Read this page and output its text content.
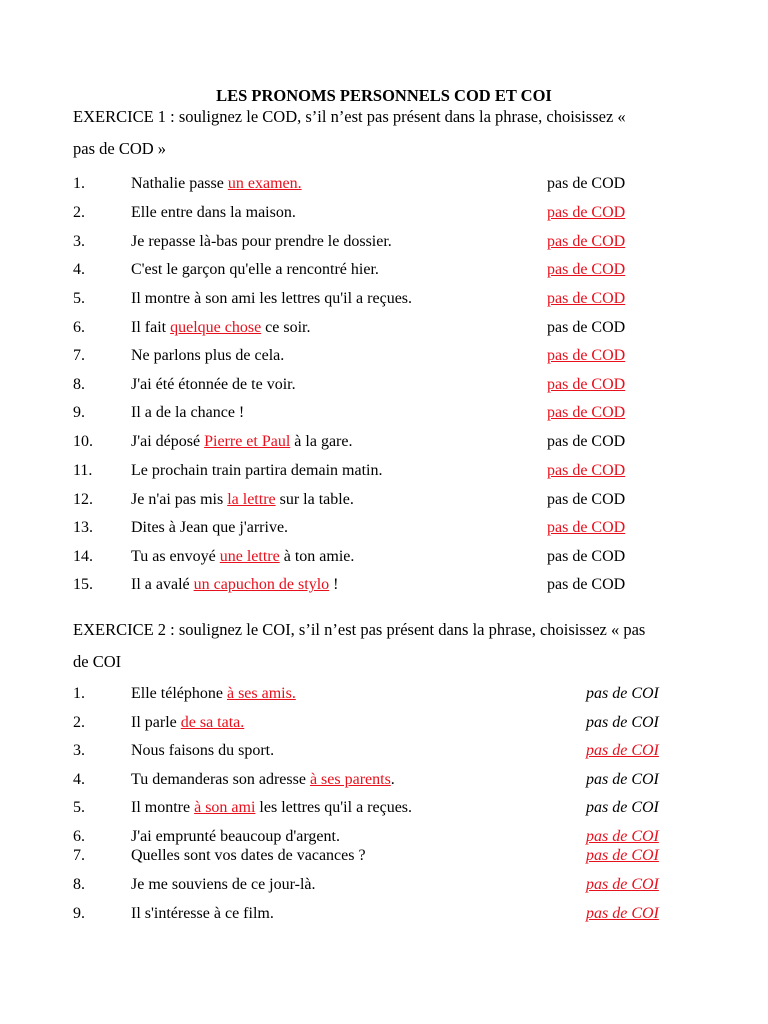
LES PRONOMS PERSONNELS COD ET COI
EXERCICE 1 : soulignez le COD, s’il n’est pas présent dans la phrase, choisissez «
pas de COD »
1.	Nathalie passe un examen.	pas de COD
2.	Elle entre dans la maison.	pas de COD
3.	Je repasse là-bas pour prendre le dossier.	pas de COD
4.	C'est le garçon qu'elle a rencontré hier.	pas de COD
5.	Il montre à son ami les lettres qu'il a reçues.	pas de COD
6.	Il fait quelque chose ce soir.	pas de COD
7.	Ne parlons plus de cela.	pas de COD
8.	J'ai été étonnée de te voir.	pas de COD
9.	Il a de la chance !	pas de COD
10. J'ai déposé Pierre et Paul à la gare.	pas de COD
11. Le prochain train partira demain matin.	pas de COD
12. Je n'ai pas mis la lettre sur la table.	pas de COD
13. Dites à Jean que j'arrive.	pas de COD
14. Tu as envoyé une lettre à ton amie.	pas de COD
15. Il a avalé un capuchon de stylo !	pas de COD
EXERCICE 2 : soulignez le COI, s’il n’est pas présent dans la phrase, choisissez « pas
de COI
1.	Elle téléphone à ses amis.	pas de COI
2.	Il parle de sa tata.	pas de COI
3.	Nous faisons du sport.	pas de COI
4.	Tu demanderas son adresse à ses parents.	pas de COI
5.	Il montre à son ami les lettres qu'il a reçues.	pas de COI
6.	J'ai emprunté beaucoup d'argent.	pas de COI
7.	Quelles sont vos dates de vacances ?	pas de COI
8.	Je me souviens de ce jour-là.	pas de COI
9.	Il s'intéresse à ce film.	pas de COI
